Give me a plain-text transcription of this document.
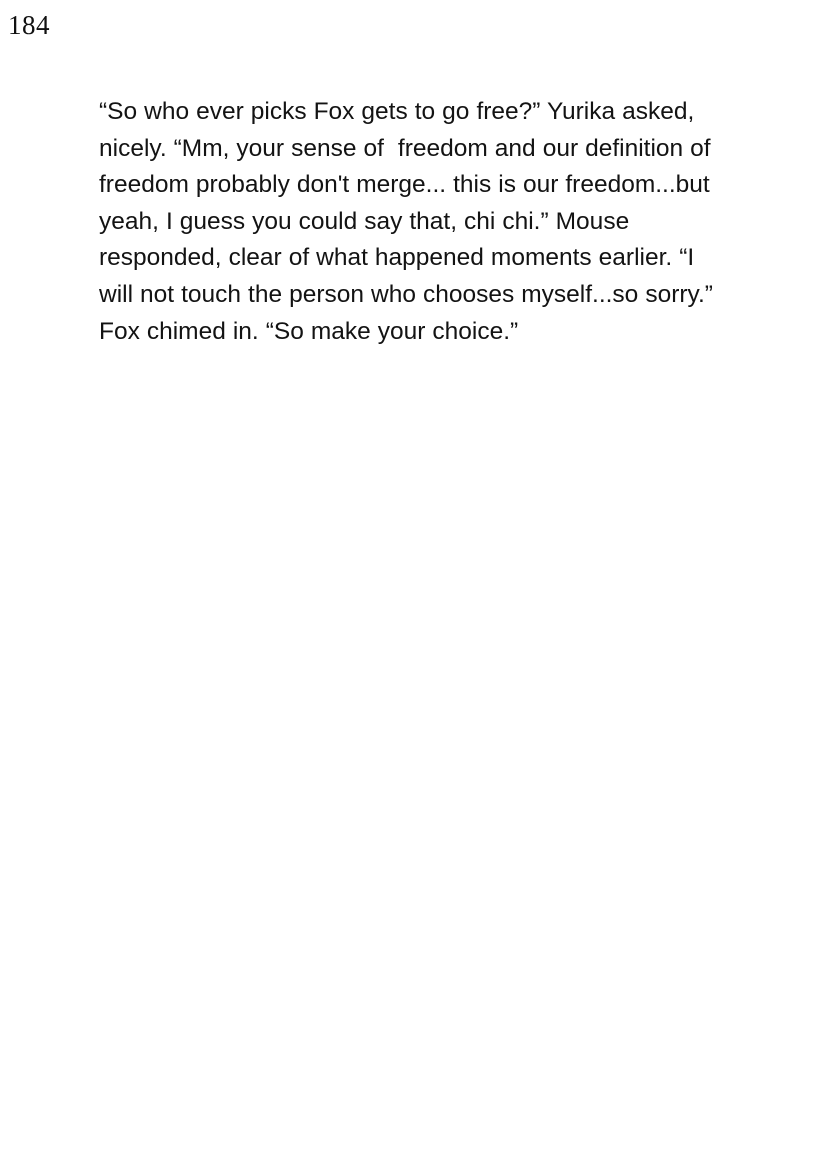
184
“So who ever picks Fox gets to go free?” Yurika asked, nicely. “Mm, your sense of  freedom and our definition of freedom probably don't merge... this is our freedom...but yeah, I guess you could say that, chi chi.” Mouse responded, clear of what happened moments earlier. “I will not touch the person who chooses myself...so sorry.” Fox chimed in. “So make your choice.”
